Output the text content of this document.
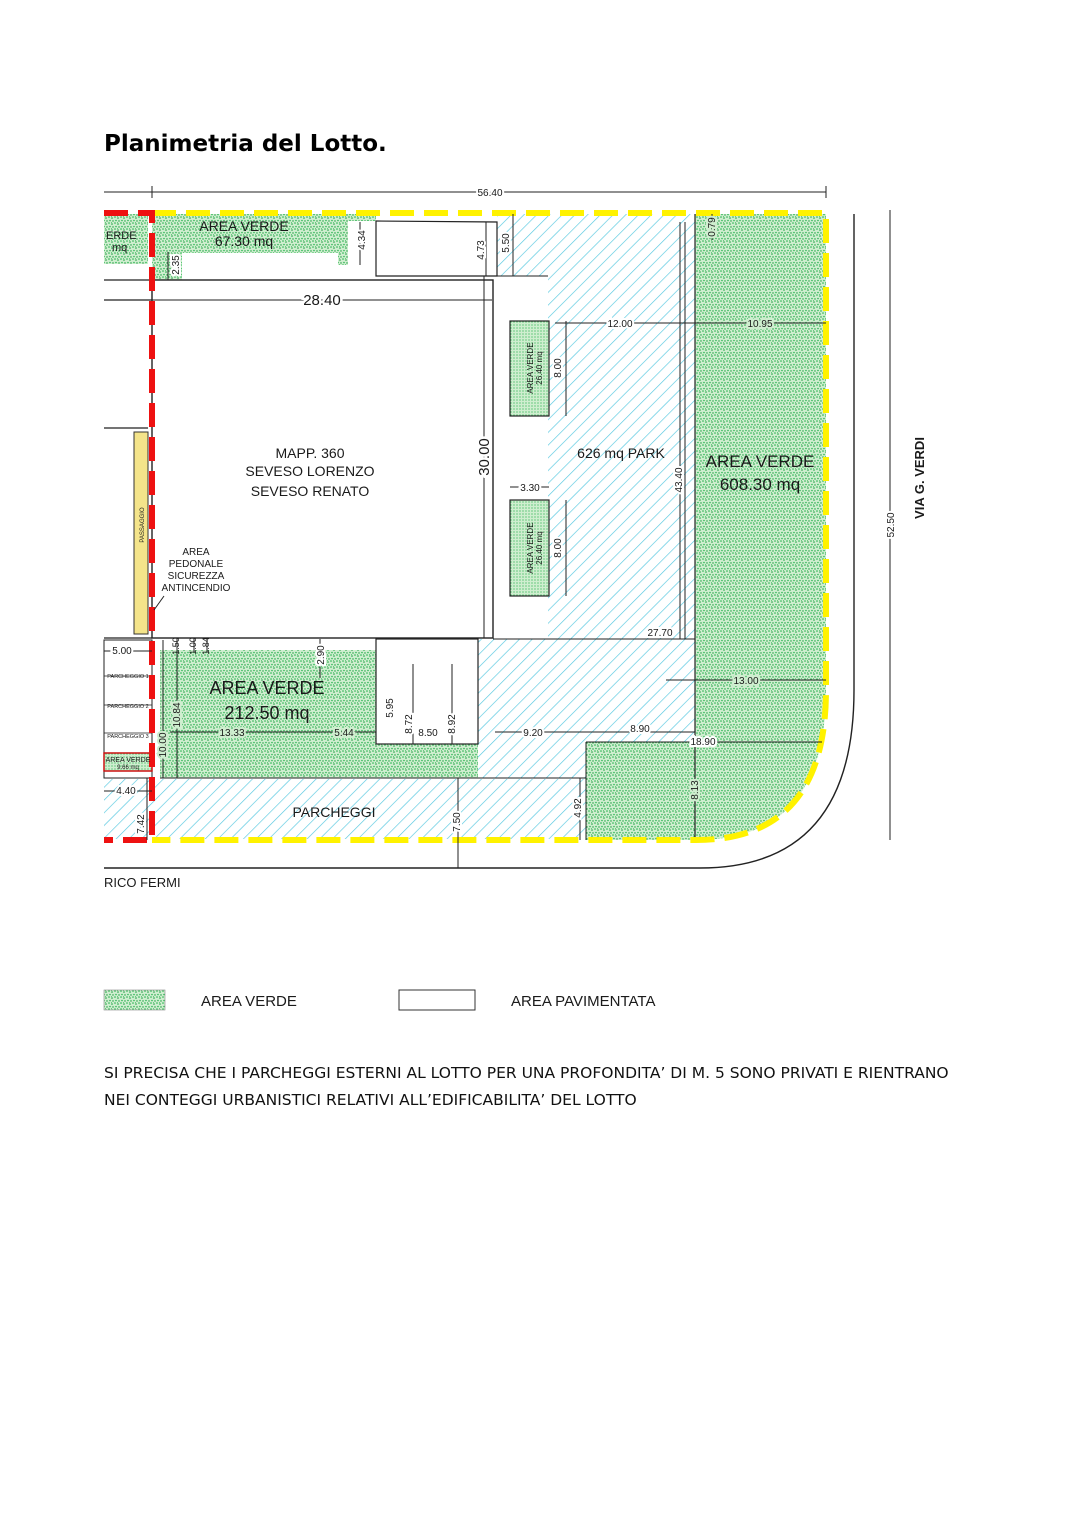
Planimetria del Lotto.
AREA VERDE
67.30 mq
ERDE
mq
AREA VERDE
608.30 mq
AREA VERDE
212.50 mq
AREA VERDE 26.40 mq
AREA VERDE 26.40 mq
AREA VERDE
9.66 mq
626 mq PARK
PARCHEGGI
MAPP. 360
SEVESO LORENZO
SEVESO RENATO
AREA
PEDONALE
SICUREZZA
ANTINCENDIO
PASSAGGIO
PARCHEGGIO 1
PARCHEGGIO 2
PARCHEGGIO 3
VIA G. VERDI
RICO FERMI
56.40
52.50
28.40
30.00
12.00	10.95
8.00
8.00
3.30	43.40
27.70
13.00
18.90
9.20	8.90
8.50 8.92
8.72
5.95
5.44
13.33
10.84
10.00
2.90
1.50 1.00 1.84
5.00
4.40
7.42	7.50
4.92
8.13
2.35
4.34
4.73 5.50
0.79
AREA VERDE	AREA PAVIMENTATA

SI PRECISA CHE I PARCHEGGI ESTERNI AL LOTTO PER UNA PROFONDITA’ DI M. 5 SONO PRIVATI E RIENTRANO

NEI CONTEGGI URBANISTICI RELATIVI ALL’EDIFICABILITA’ DEL LOTTO
